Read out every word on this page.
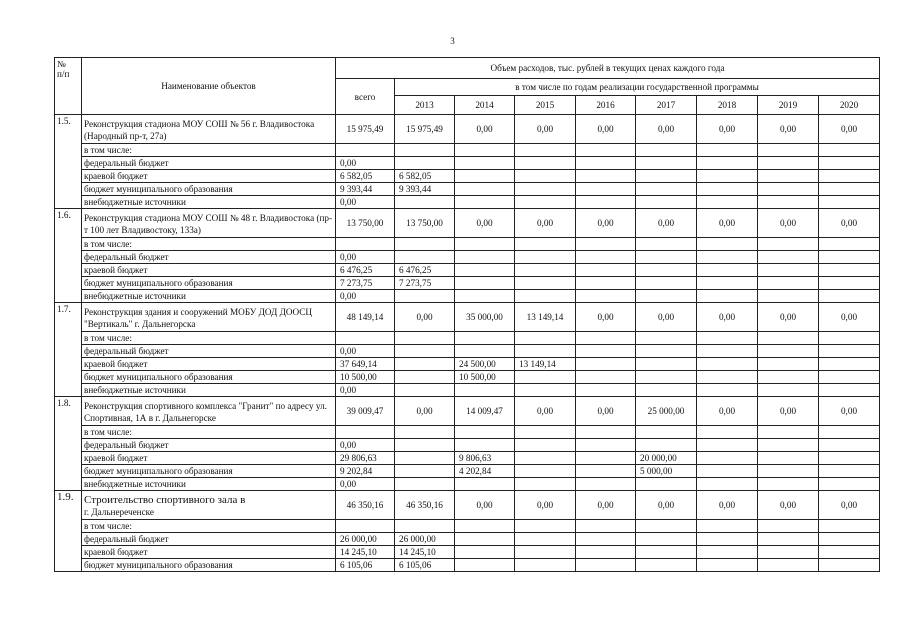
3
№
п/п	Наименование объектов	Объем расходов, тыс. рублей в текущих ценах каждого года								
		всего	в том числе по годам реализации государственной программы							
			2013	2014	2015	2016	2017	2018	2019	2020
1.5.	Реконструкция стадиона МОУ СОШ № 56 г. Владивостока (Народный пр-т, 27а)	15 975,49	15 975,49	0,00	0,00	0,00	0,00	0,00	0,00	0,00
	в том числе:									
	федеральный бюджет	0,00								
	краевой бюджет	6 582,05	6 582,05							
	бюджет муниципального образования	9 393,44	9 393,44							
	внебюджетные источники	0,00								
1.6.	Реконструкция стадиона МОУ СОШ № 48 г. Владивостока (пр-т 100 лет Владивостоку, 133а)	13 750,00	13 750,00	0,00	0,00	0,00	0,00	0,00	0,00	0,00
	в том числе:									
	федеральный бюджет	0,00								
	краевой бюджет	6 476,25	6 476,25							
	бюджет муниципального образования	7 273,75	7 273,75							
	внебюджетные источники	0,00								
1.7.	Реконструкция здания и сооружений МОБУ ДОД ДООСЦ "Вертикаль" г. Дальнегорска	48 149,14	0,00	35 000,00	13 149,14	0,00	0,00	0,00	0,00	0,00
	в том числе:									
	федеральный бюджет	0,00								
	краевой бюджет	37 649,14		24 500,00	13 149,14					
	бюджет муниципального образования	10 500,00		10 500,00						
	внебюджетные источники	0,00								
1.8.	Реконструкция спортивного комплекса "Гранит" по адресу ул. Спортивная, 1А в г. Дальнегорске	39 009,47	0,00	14 009,47	0,00	0,00	25 000,00	0,00	0,00	0,00
	в том числе:									
	федеральный бюджет	0,00								
	краевой бюджет	29 806,63		9 806,63			20 000,00			
	бюджет муниципального образования	9 202,84		4 202,84			5 000,00			
	внебюджетные источники	0,00								
1.9.	Строительство спортивного зала в
г. Дальнереченске	46 350,16	46 350,16	0,00	0,00	0,00	0,00	0,00	0,00	0,00
	в том числе:									
	федеральный бюджет	26 000,00	26 000,00							
	краевой бюджет	14 245,10	14 245,10							
	бюджет муниципального образования	6 105,06	6 105,06							
